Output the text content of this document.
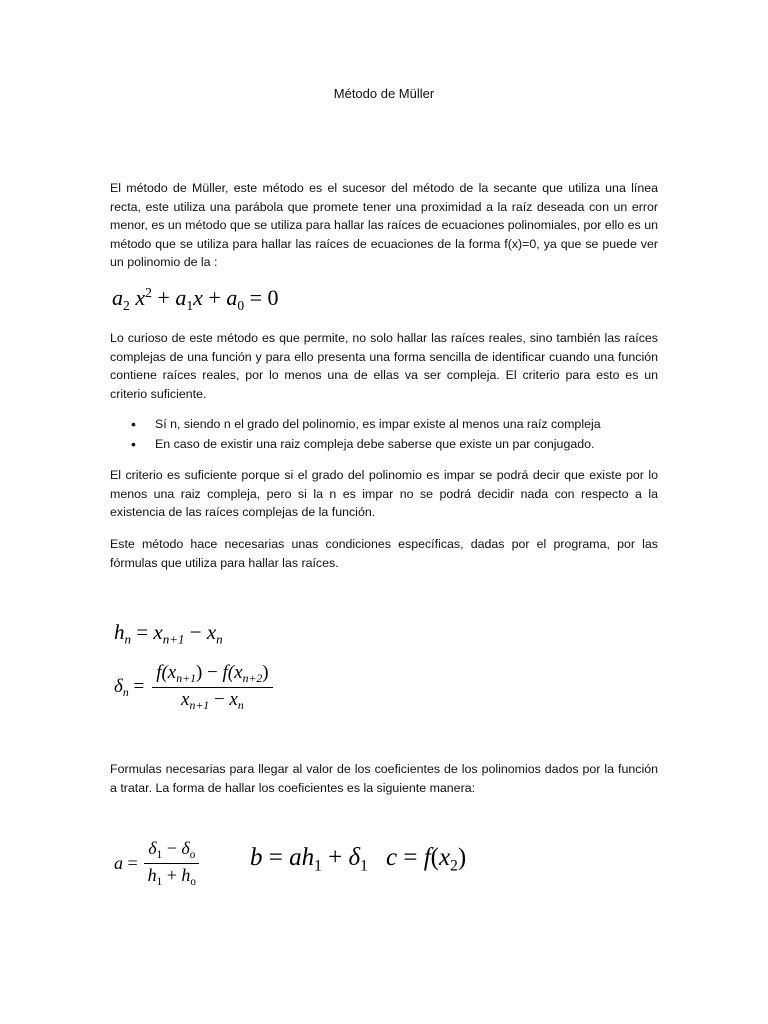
Método de Müller

El método de Müller, este método es el sucesor del método de la secante que utiliza una línea recta, este utiliza una parábola que promete tener una proximidad a la raíz deseada con un error menor, es un método que se utiliza para hallar las raíces de ecuaciones polinomiales, por ello es un método que se utiliza para hallar las raíces de ecuaciones de la forma f(x)=0, ya que se puede ver un polinomio de la :

$a_2$ $x^2 + a_1x + a_0 = 0$

Lo curioso de este método es que permite, no solo hallar las raíces reales, sino también las raíces complejas de una función y para ello presenta una forma sencilla de identificar cuando una función contiene raíces reales, por lo menos una de ellas va ser compleja. El criterio para esto es un criterio suficiente.

• Sí n, siendo n el grado del polinomio, es impar existe al menos una raíz compleja
• En caso de existir una raiz compleja debe saberse que existe un par conjugado.

El criterio es suficiente porque si el grado del polinomio es impar se podrá decir que existe por lo menos una raiz compleja, pero si la n es impar no se podrá decidir nada con respecto a la existencia de las raíces complejas de la función.

Este método hace necesarias unas condiciones específicas, dadas por el programa, por las fórmulas que utiliza para hallar las raíces.

$h_n = x_{n+1} - x_n$
$\delta_n = \frac{f(x_{n+1}) - f(x_{n+2})}{x_{n+1} - x_n}$

Formulas necesarias para llegar al valor de los coeficientes de los polinomios dados por la función a tratar. La forma de hallar los coeficientes es la siguiente manera:

$a = \frac{\delta_1 - \delta_o}{h_1 + h_o}$ $b = ah_1 + \delta_1$ $c = f(x_2)$
